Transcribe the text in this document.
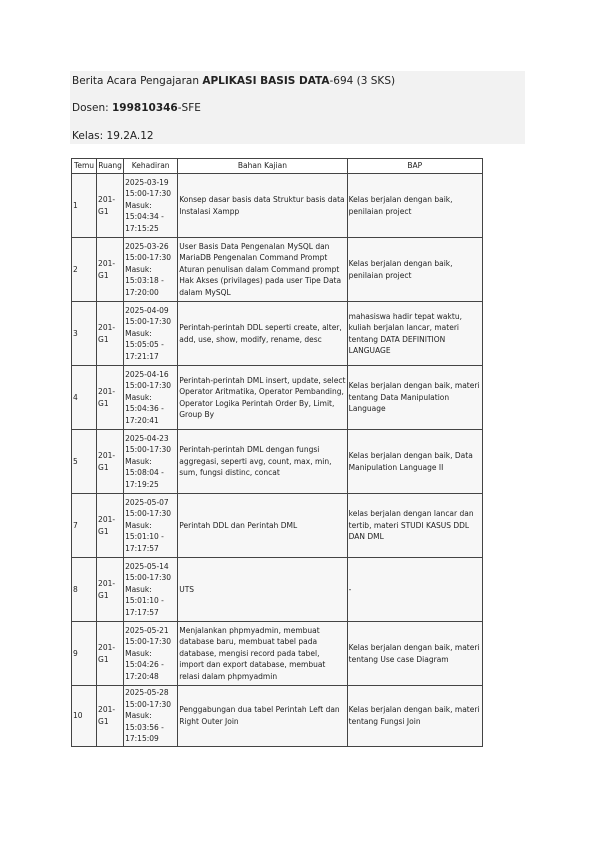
Berita Acara Pengajaran APLIKASI BASIS DATA-694 (3 SKS)
Dosen: 199810346-SFE
Kelas: 19.2A.12
Temu	Ruang	Kehadiran	Bahan Kajian	BAP
1	201-G1	2025-03-19
15:00-17:30
Masuk:
15:04:34 - 17:15:25	Konsep dasar basis data Struktur basis data Instalasi Xampp	Kelas berjalan dengan baik, penilaian project
2	201-G1	2025-03-26
15:00-17:30
Masuk:
15:03:18 - 17:20:00	User Basis Data Pengenalan MySQL dan MariaDB Pengenalan Command Prompt Aturan penulisan dalam Command prompt Hak Akses (privilages) pada user Tipe Data dalam MySQL	Kelas berjalan dengan baik, penilaian project
3	201-G1	2025-04-09
15:00-17:30
Masuk:
15:05:05 - 17:21:17	Perintah-perintah DDL seperti create, alter, add, use, show, modify, rename, desc	mahasiswa hadir tepat waktu, kuliah berjalan lancar, materi tentang DATA DEFINITION LANGUAGE
4	201-G1	2025-04-16
15:00-17:30
Masuk:
15:04:36 - 17:20:41	Perintah-perintah DML insert, update, select Operator Aritmatika, Operator Pembanding, Operator Logika Perintah Order By, Limit, Group By	Kelas berjalan dengan baik, materi tentang Data Manipulation Language
5	201-G1	2025-04-23
15:00-17:30
Masuk:
15:08:04 - 17:19:25	Perintah-perintah DML dengan fungsi aggregasi, seperti avg, count, max, min, sum, fungsi distinc, concat	Kelas berjalan dengan baik, Data Manipulation Language II
7	201-G1	2025-05-07
15:00-17:30
Masuk:
15:01:10 - 17:17:57	Perintah DDL dan Perintah DML	kelas berjalan dengan lancar dan tertib, materi STUDI KASUS DDL DAN DML
8	201-G1	2025-05-14
15:00-17:30
Masuk:
15:01:10 - 17:17:57	UTS	-
9	201-G1	2025-05-21
15:00-17:30
Masuk:
15:04:26 - 17:20:48	Menjalankan phpmyadmin, membuat database baru, membuat tabel pada database, mengisi record pada tabel, import dan export database, membuat relasi dalam phpmyadmin	Kelas berjalan dengan baik, materi tentang Use case Diagram
10	201-G1	2025-05-28
15:00-17:30
Masuk:
15:03:56 - 17:15:09	Penggabungan dua tabel Perintah Left dan Right Outer Join	Kelas berjalan dengan baik, materi tentang Fungsi Join
